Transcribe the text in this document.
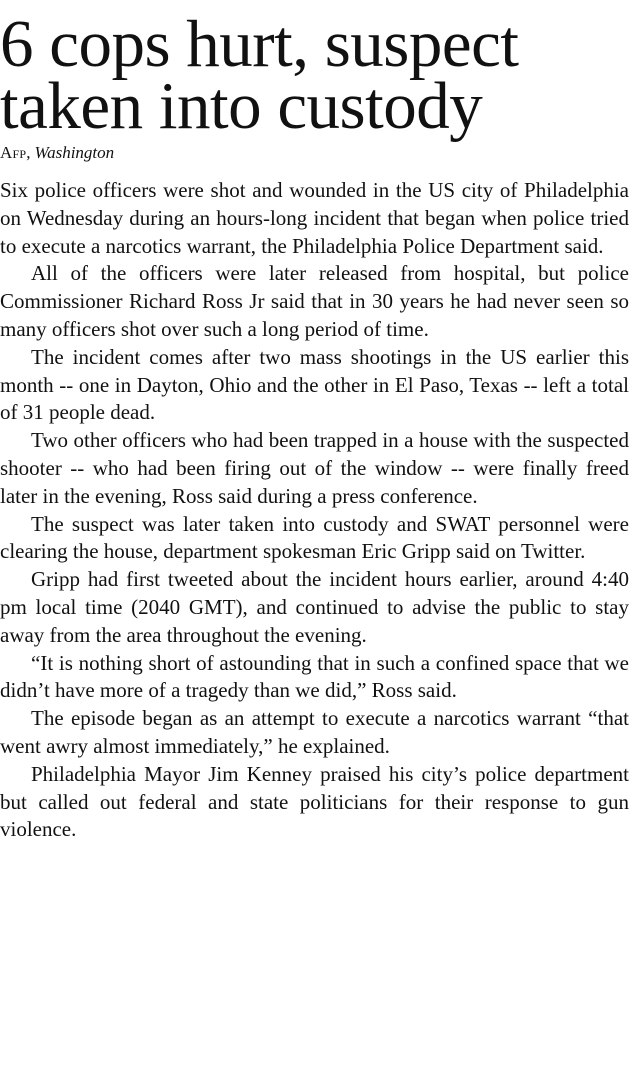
6 cops hurt, suspect
taken into custody
Afp, Washington

Six police officers were shot and wounded in the US city of Philadelphia on Wednesday during an hours-long incident that began when police tried to execute a narcotics warrant, the Philadelphia Police Department said.

All of the officers were later released from hospital, but police Commissioner Richard Ross Jr said that in 30 years he had never seen so many officers shot over such a long period of time.

The incident comes after two mass shootings in the US earlier this month -- one in Dayton, Ohio and the other in El Paso, Texas -- left a total of 31 people dead.

Two other officers who had been trapped in a house with the suspected shooter -- who had been firing out of the window -- were finally freed later in the evening, Ross said during a press conference.

The suspect was later taken into custody and SWAT personnel were clearing the house, department spokesman Eric Gripp said on Twitter.

Gripp had first tweeted about the incident hours earlier, around 4:40 pm local time (2040 GMT), and continued to advise the public to stay away from the area throughout the evening.

“It is nothing short of astounding that in such a confined space that we didn’t have more of a tragedy than we did,” Ross said.

The episode began as an attempt to execute a narcotics warrant “that went awry almost immediately,” he explained.

Philadelphia Mayor Jim Kenney praised his city’s police department but called out federal and state politicians for their response to gun violence.
